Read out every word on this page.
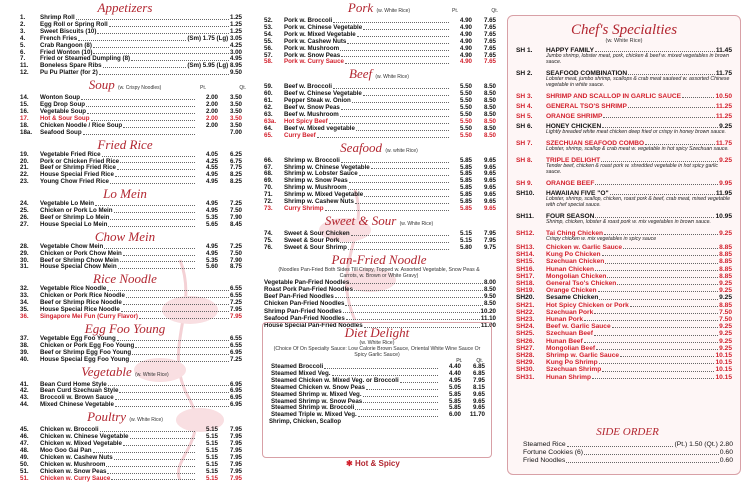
Appetizers
1.	Shrimp Roll	1.25
2.	Egg Roll or Spring Roll	1.25
3.	Sweet Biscuits (10)	1.25
4.	French Fries	(Sm) 1.75 (Lg) 3.05
5.	Crab Rangoon (8)	4.25
6.	Fried Wonton (10)	3.00
7.	Fried or Steamed Dumpling (8)	4.95
11.	Boneless Spare Ribs	(Sm) 5.95 (Lg) 8.95
12.	Pu Pu Platter (for 2)	9.50
Soup (w. Crispy Noodles)	Pt.	Qt.
14.	Wonton Soup	2.00	3.50
15.	Egg Drop Soup	2.00	3.50
16.	Vegetable Soup	2.00	3.50
17.	Hot & Sour Soup	2.00	3.50
18.	Chicken Noodle / Rice Soup	2.00	3.50
18a.	Seafood Soup	7.00
Fried Rice
19.	Vegetable Fried Rice	4.05	6.25
20.	Pork or Chicken Fried Rice	4.25	6.75
21.	Beef or Shrimp Fried Rice	4.55	7.75
22.	House Special Fried Rice	4.95	8.25
23.	Young Chow Fried Rice	4.95	8.25
Lo Mein
24.	Vegetable Lo Mein	4.95	7.25
25.	Chicken or Pork Lo Mein	4.95	7.50
26.	Beef or Shrimp Lo Mein	5.35	7.90
27.	House Special Lo Mein	5.65	8.45
Chow Mein
28.	Vegetable Chow Mein	4.95	7.25
29.	Chicken or Pork Chow Mein	4.95	7.50
30.	Beef or Shrimp Chow Mein	5.35	7.90
31.	House Special Chow Mein	5.60	8.75
Rice Noodle
32.	Vegetable Rice Noodle	6.55
33.	Chicken or Pork Rice Noodle	6.55
34.	Beef or Shrimp Rice Noodle	7.25
35.	House Special Rice Noodle	7.95
36.	Singapore Mei Fun (Curry Flavor)	7.95
Egg Foo Young
37.	Vegetable Egg Foo Young	6.55
38.	Chicken or Pork Egg Foo Young	6.55
39.	Beef or Shrimp Egg Foo Young	6.95
40.	House Special Egg Foo Young	7.25
Vegetable (w. White Rice)
41.	Bean Curd Home Style	6.95
42.	Bean Curd Szechuan Style	6.95
43.	Broccoli w. Brown Sauce	6.95
44.	Mixed Chinese Vegetable	6.95
Poultry (w. White Rice)
45.	Chicken w. Broccoli	5.15	7.95
46.	Chicken w. Chinese Vegetable	5.15	7.95
47.	Chicken w. Mixed Vegetable	5.15	7.95
48.	Moo Goo Gai Pan	5.15	7.95
49.	Chicken w. Cashew Nuts	5.15	7.95
50.	Chicken w. Mushroom	5.15	7.95
51.	Chicken w. Snow Peas	5.15	7.95
51.	Chicken w. Curry Sauce	5.15	7.95
Pork (w. White Rice)	Pt.	Qt.
52.	Pork w. Broccoli	4.90	7.65
53.	Pork w. Chinese Vegetable	4.90	7.65
54.	Pork w. Mixed Vegetable	4.90	7.65
55.	Pork w. Cashew Nuts	4.90	7.65
56.	Pork w. Mushroom	4.90	7.65
57.	Pork w. Snow Peas	4.90	7.65
58.	Pork w. Curry Sauce	4.90	7.65
Beef (w. White Rice)
59.	Beef w. Broccoli	5.50	8.50
60.	Beef w. Chinese Vegetable	5.50	8.50
61.	Pepper Steak w. Onion	5.50	8.50
62.	Beef w. Snow Peas	5.50	8.50
63.	Beef w. Mushroom	5.50	8.50
63a.	Hot Spicy Beef	5.50	8.50
64.	Beef w. Mixed vegetable	5.50	8.50
65.	Curry Beef	5.50	8.50
Seafood (w. white Rice)
66.	Shrimp w. Broccoli	5.85	9.65
67.	Shrimp w. Chinese Vegetable	5.85	9.65
68.	Shrimp w. Lobster Sauce	5.85	9.65
69.	Shrimp w. Snow Peas	5.85	9.65
70.	Shrimp w. Mushroom	5.85	9.65
71.	Shrimp w. Mixed Vegetable	5.85	9.65
72.	Shrimp w. Cashew Nuts	5.85	9.65
73.	Curry Shrimp	5.85	9.65
Sweet & Sour (w. White Rice)
74.	Sweet & Sour Chicken	5.15	7.95
75.	Sweet & Sour Pork	5.15	7.95
76.	Sweet & Sour Shrimp	5.80	9.75
Pan-Fried Noodle
(Noodles Pan-Fried Both Sides Till Crispy, Topped w. Assorted Vegetable, Snow Peas & Carrots, w. Brown or White Gravy)
Vegetable Pan-Fried Noodles	8.00
Roast Pork Pan-Fried Noodles	8.50
Beef Pan-Fried Noodles	9.50
Chicken Pan-Fried Noodles	8.50
Shrimp Pan-Fried Noodles	10.20
Seafood Pan-Fried Noodles	11.10
House Special Pan-Fried Noodles	11.00
Diet Delight
(w. White Rice)
(Choice Of On Specialty Sauce: Low Calorie Brown Sauce, Oriental White Wine Sauce Or Spicy Garlic Sauce)
Pt.	Qt.
Steamed Broccoli	4.40	6.85
Steamed Mixed Veg.	4.40	6.85
Steamed Chicken w. Mixed Veg. or Broccoli	4.95	7.95
Steamed Chicken w. Snow Peas	5.05	8.15
Steamed Shrimp w. Mixed Veg.	5.85	9.65
Steamed Shrimp w. Snow Peas	5.85	9.65
Steamed Shrimp w. Broccoli	5.85	9.65
Steamed Triple w. Mixed Veg.	6.00	11.70
Shrimp, Chicken, Scallop
✱ Hot & Spicy
Chef's Specialties
(w. White Rice)
SH 1.	HAPPY FAMILY	11.45
Jumbo shrimp, lobster meat, pork, chicken & beef w. mixed vegetables in brown sauce.
SH 2.	SEAFOOD COMBINATION	11.75
Lobster meat, jumbo shrimp, scallops & crab meat sauteed w. assorted Chinese vegetable in white sauce.
SH 3.	SHRIMP AND SCALLOP IN GARLIC SAUCE	10.50
SH 4.	GENERAL TSO'S SHRIMP	11.25
SH 5.	ORANGE SHRIMP	11.25
SH 6.	HONEY CHICKEN	9.25
Lightly breaded white meat chicken deep fried or crispy in honey brown sauce.
SH 7.	SZECHUAN SEAFOOD COMBO	11.75
Lobster, shrimp, scallop & crab meat w. vegetable in hot spicy Szechuan sauce.
SH 8.	TRIPLE DELIGHT	9.25
Tender beef, chicken & roast pork w. shredded vegetable in hot spicy garlic sauce.
SH 9.	ORANGE BEEF	9.95
SH10.	HAWAIIAN FIVE "O"	11.95
Lobster, shrimp, scallop, chicken, roast pork & beef, crab meat, mixed vegetable with chef special sauce.
SH11.	FOUR SEASON	10.95
Shrimp, chicken, lobster & roast pork w. mix vegetables in brown sauce.
SH12.	Tai Ching Chicken	9.25
Crispy chicken w. mix vegetables in spicy sauce
SH13.	Chicken w. Garlic Sauce	8.85
SH14.	Kung Po Chicken	8.85
SH15.	Szechuan Chicken	8.85
SH16.	Hunan Chicken	8.85
SH17.	Mongolian Chicken	8.85
SH18.	General Tso's Chicken	9.25
SH19.	Orange Chicken	9.25
SH20.	Sesame Chicken	9.25
SH21.	Hot Spicy Chicken or Pork	8.85
SH22.	Szechuan Pork	7.50
SH23.	Hunan Pork	7.50
SH24.	Beef w. Garlic Sauce	9.25
SH25.	Szechuan Beef	9.25
SH26.	Hunan Beef	9.25
SH27.	Mongolian Beef	9.25
SH28.	Shrimp w. Garlic Sauce	10.15
SH29.	Kung Po Shrimp	10.15
SH30.	Szechuan Shrimp	10.15
SH31.	Hunan Shrimp	10.15
SIDE ORDER
Steamed Rice	(Pt.) 1.50 (Qt.) 2.80
Fortune Cookies (6)	0.60
Fried Noodles	0.60
